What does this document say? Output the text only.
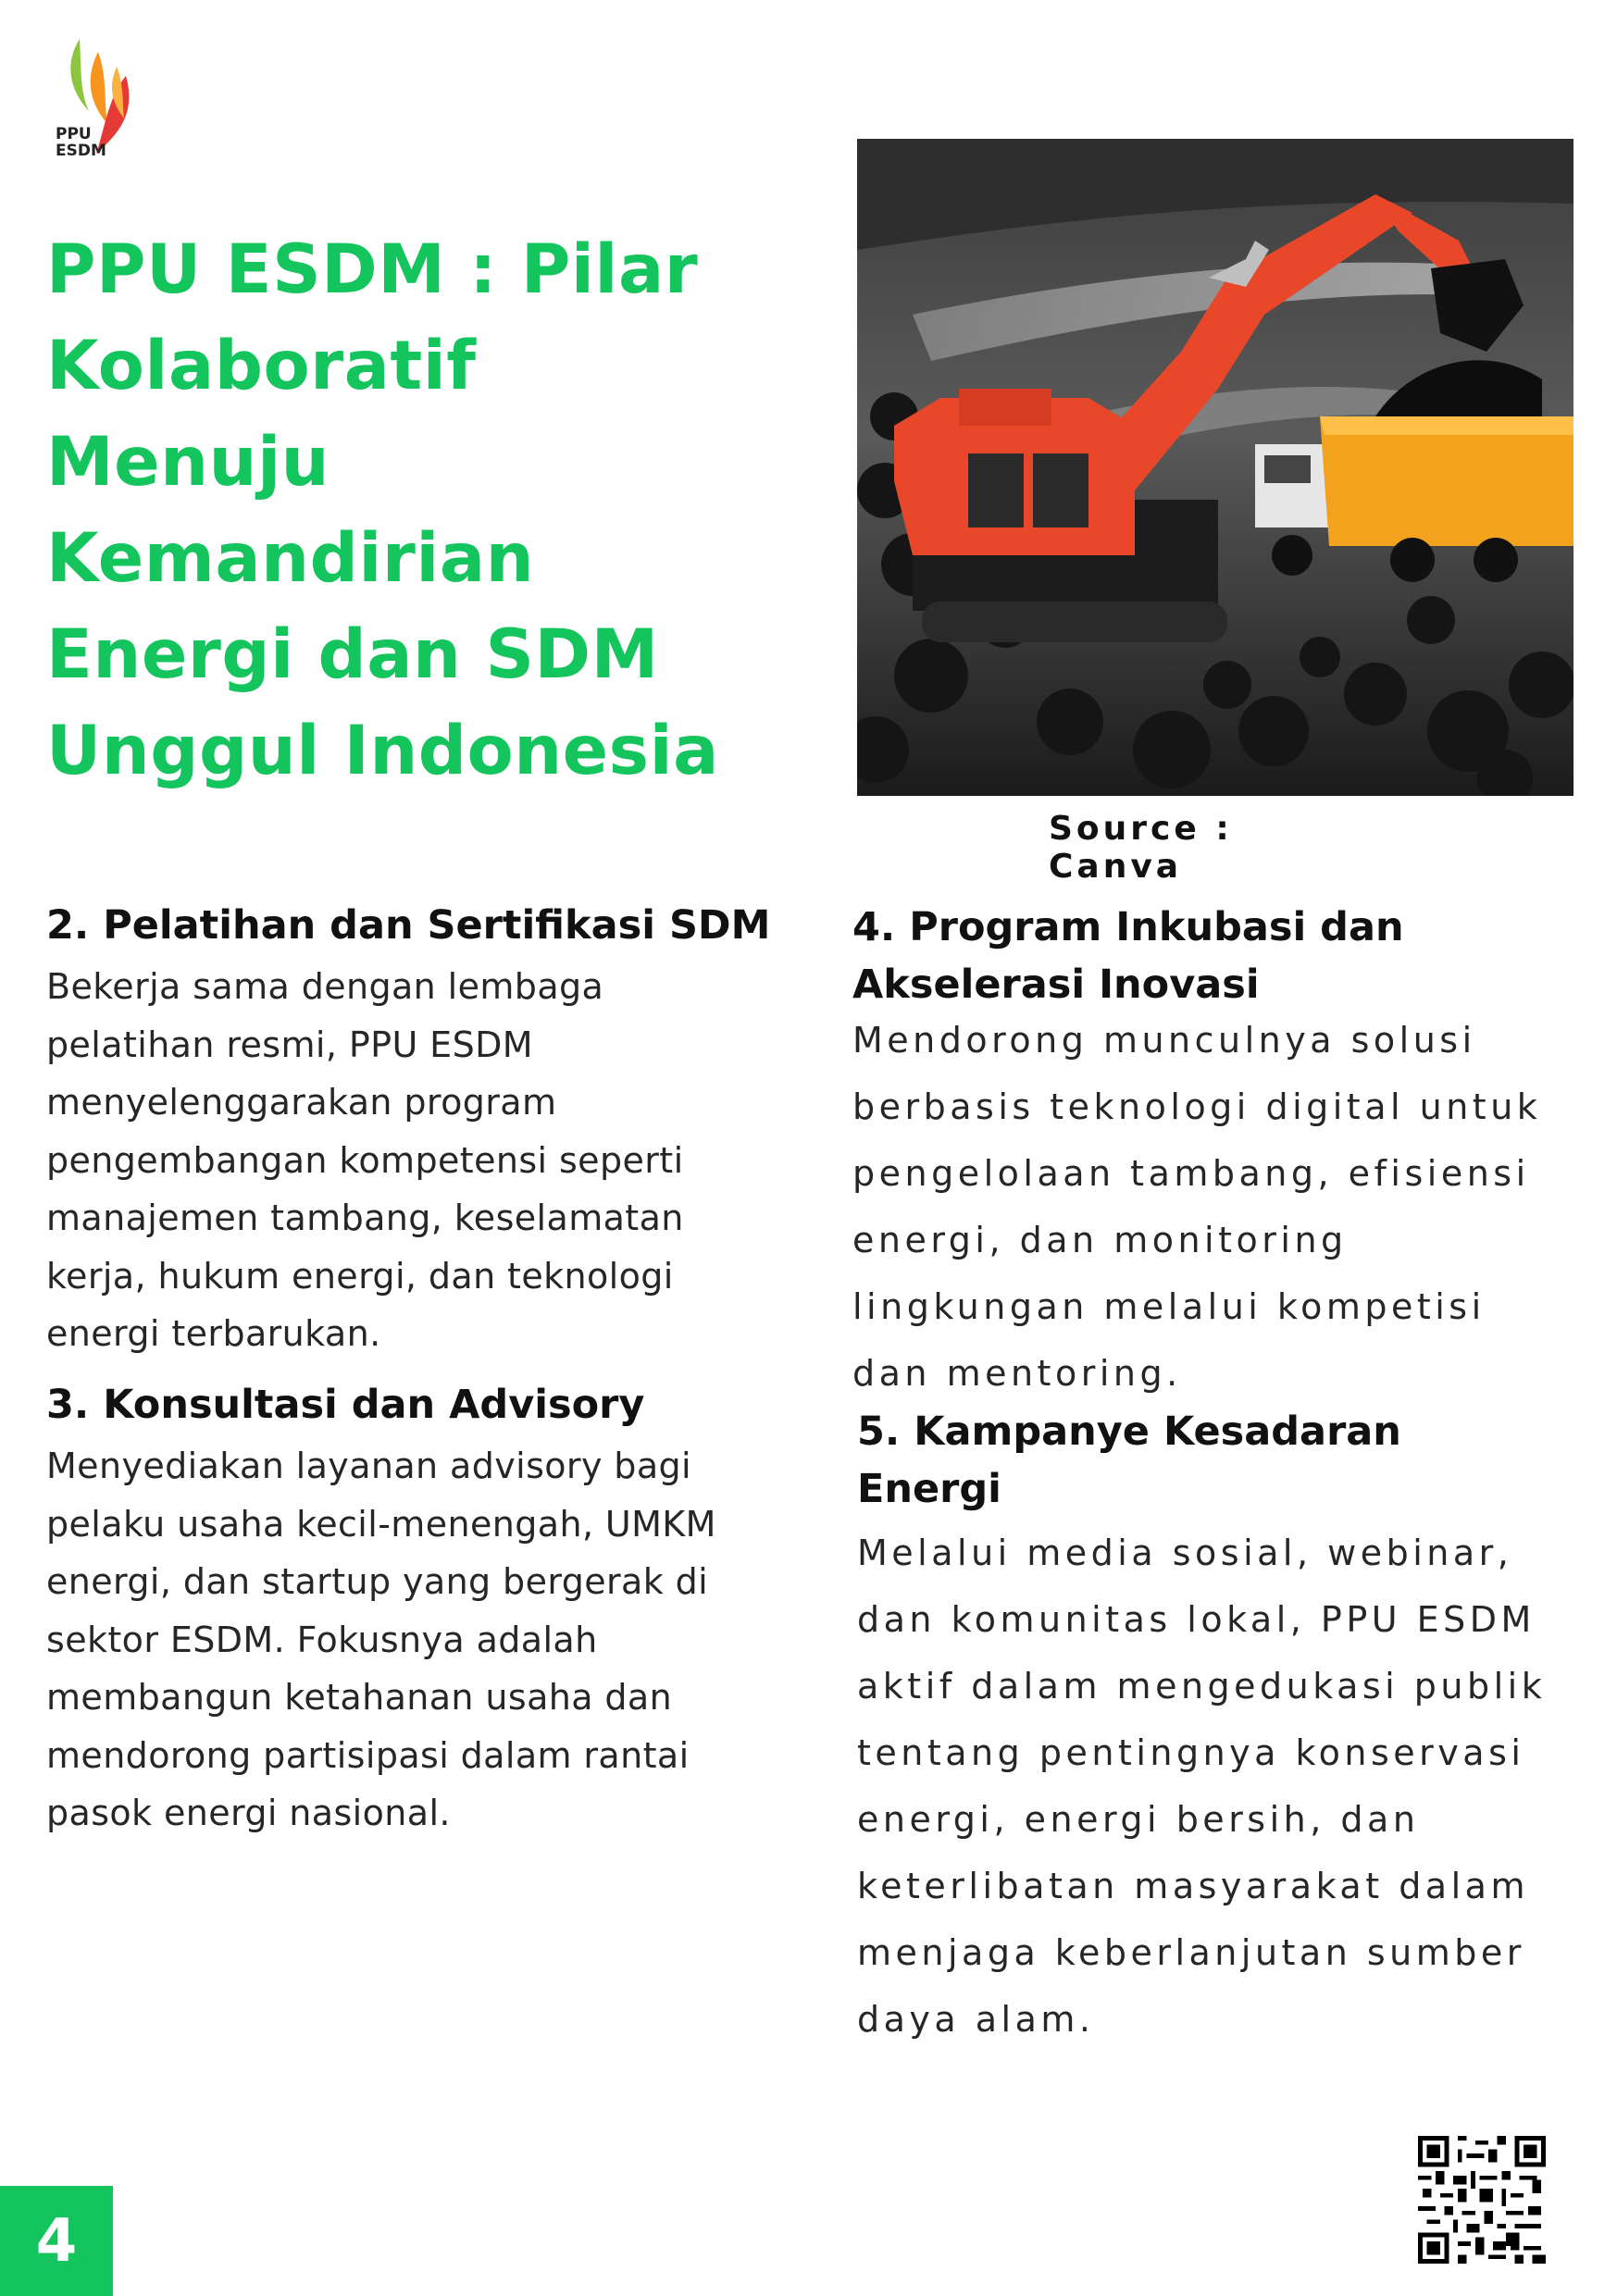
PPU
ESDM
PPU ESDM : Pilar
Kolaboratif
Menuju
Kemandirian
Energi dan SDM
Unggul Indonesia
Source : Canva
2. Pelatihan dan Sertifikasi SDM

Bekerja sama dengan lembaga
pelatihan resmi, PPU ESDM
menyelenggarakan program
pengembangan kompetensi seperti
manajemen tambang, keselamatan
kerja, hukum energi, dan teknologi
energi terbarukan.

3. Konsultasi dan Advisory

Menyediakan layanan advisory bagi
pelaku usaha kecil-menengah, UMKM
energi, dan startup yang bergerak di
sektor ESDM. Fokusnya adalah
membangun ketahanan usaha dan
mendorong partisipasi dalam rantai
pasok energi nasional.

4. Program Inkubasi dan
Akselerasi Inovasi

Mendorong munculnya solusi
berbasis teknologi digital untuk
pengelolaan tambang, efisiensi
energi, dan monitoring
lingkungan melalui kompetisi
dan mentoring.

5. Kampanye Kesadaran
Energi

Melalui media sosial, webinar,
dan komunitas lokal, PPU ESDM
aktif dalam mengedukasi publik
tentang pentingnya konservasi
energi, energi bersih, dan
keterlibatan masyarakat dalam
menjaga keberlanjutan sumber
daya alam.

4
